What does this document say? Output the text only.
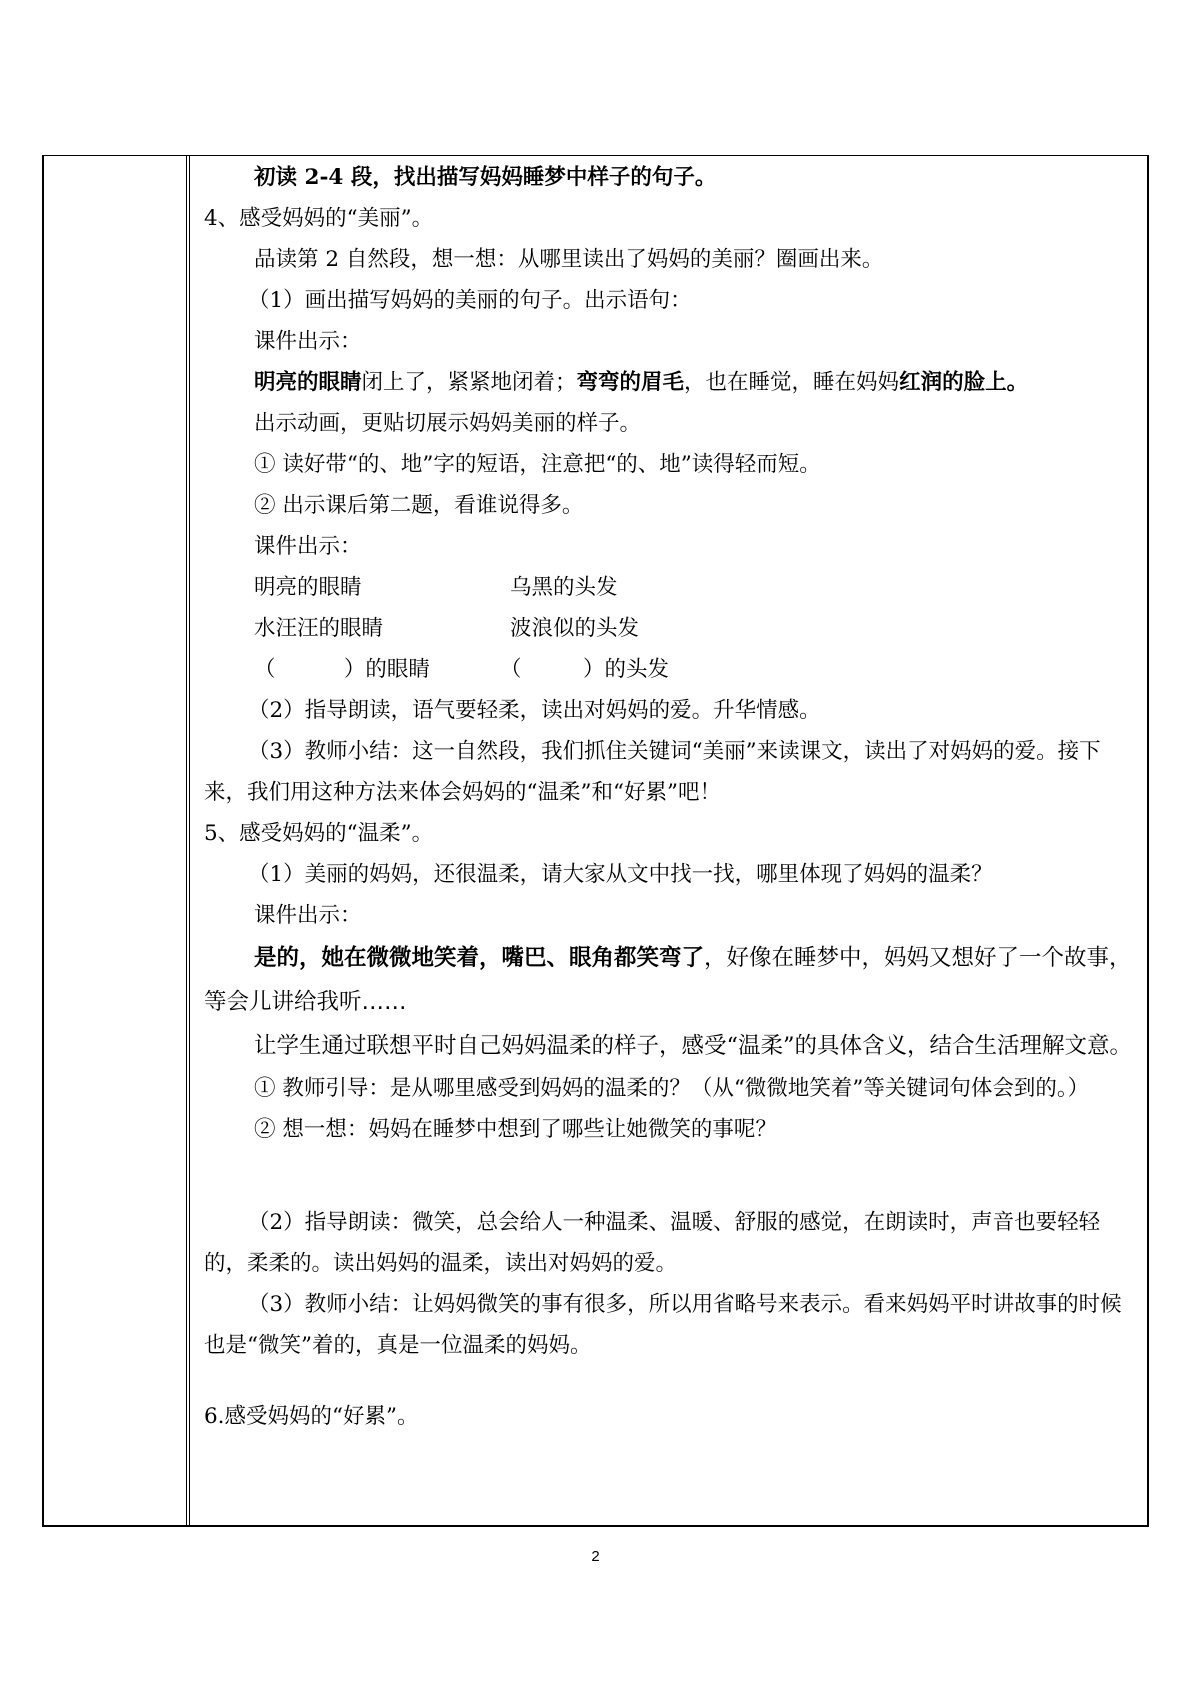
初读 2-4 段，找出描写妈妈睡梦中样子的句子。

4、感受妈妈的“美丽”。

品读第 2 自然段，想一想：从哪里读出了妈妈的美丽？圈画出来。

（1）画出描写妈妈的美丽的句子。出示语句：

课件出示：

明亮的眼睛闭上了，紧紧地闭着；弯弯的眉毛，也在睡觉，睡在妈妈红润的脸上。

出示动画，更贴切展示妈妈美丽的样子。

① 读好带“的、地”字的短语，注意把“的、地”读得轻而短。

② 出示课后第二题，看谁说得多。

课件出示：

明亮的眼睛	乌黑的头发
水汪汪的眼睛	波浪似的头发
（          ）的眼睛	（         ）的头发

（2）指导朗读，语气要轻柔，读出对妈妈的爱。升华情感。

（3）教师小结：这一自然段，我们抓住关键词“美丽”来读课文，读出了对妈妈的爱。接下来，我们用这种方法来体会妈妈的“温柔”和“好累”吧！

5、感受妈妈的“温柔”。

（1）美丽的妈妈，还很温柔，请大家从文中找一找，哪里体现了妈妈的温柔？

课件出示：

是的，她在微微地笑着，嘴巴、眼角都笑弯了，好像在睡梦中，妈妈又想好了一个故事，等会儿讲给我听……

让学生通过联想平时自己妈妈温柔的样子，感受“温柔”的具体含义，结合生活理解文意。

① 教师引导：是从哪里感受到妈妈的温柔的？（从“微微地笑着”等关键词句体会到的。）

② 想一想：妈妈在睡梦中想到了哪些让她微笑的事呢？

（2）指导朗读：微笑，总会给人一种温柔、温暖、舒服的感觉，在朗读时，声音也要轻轻的，柔柔的。读出妈妈的温柔，读出对妈妈的爱。

（3）教师小结：让妈妈微笑的事有很多，所以用省略号来表示。看来妈妈平时讲故事的时候也是“微笑”着的，真是一位温柔的妈妈。

6.感受妈妈的“好累”。

2
